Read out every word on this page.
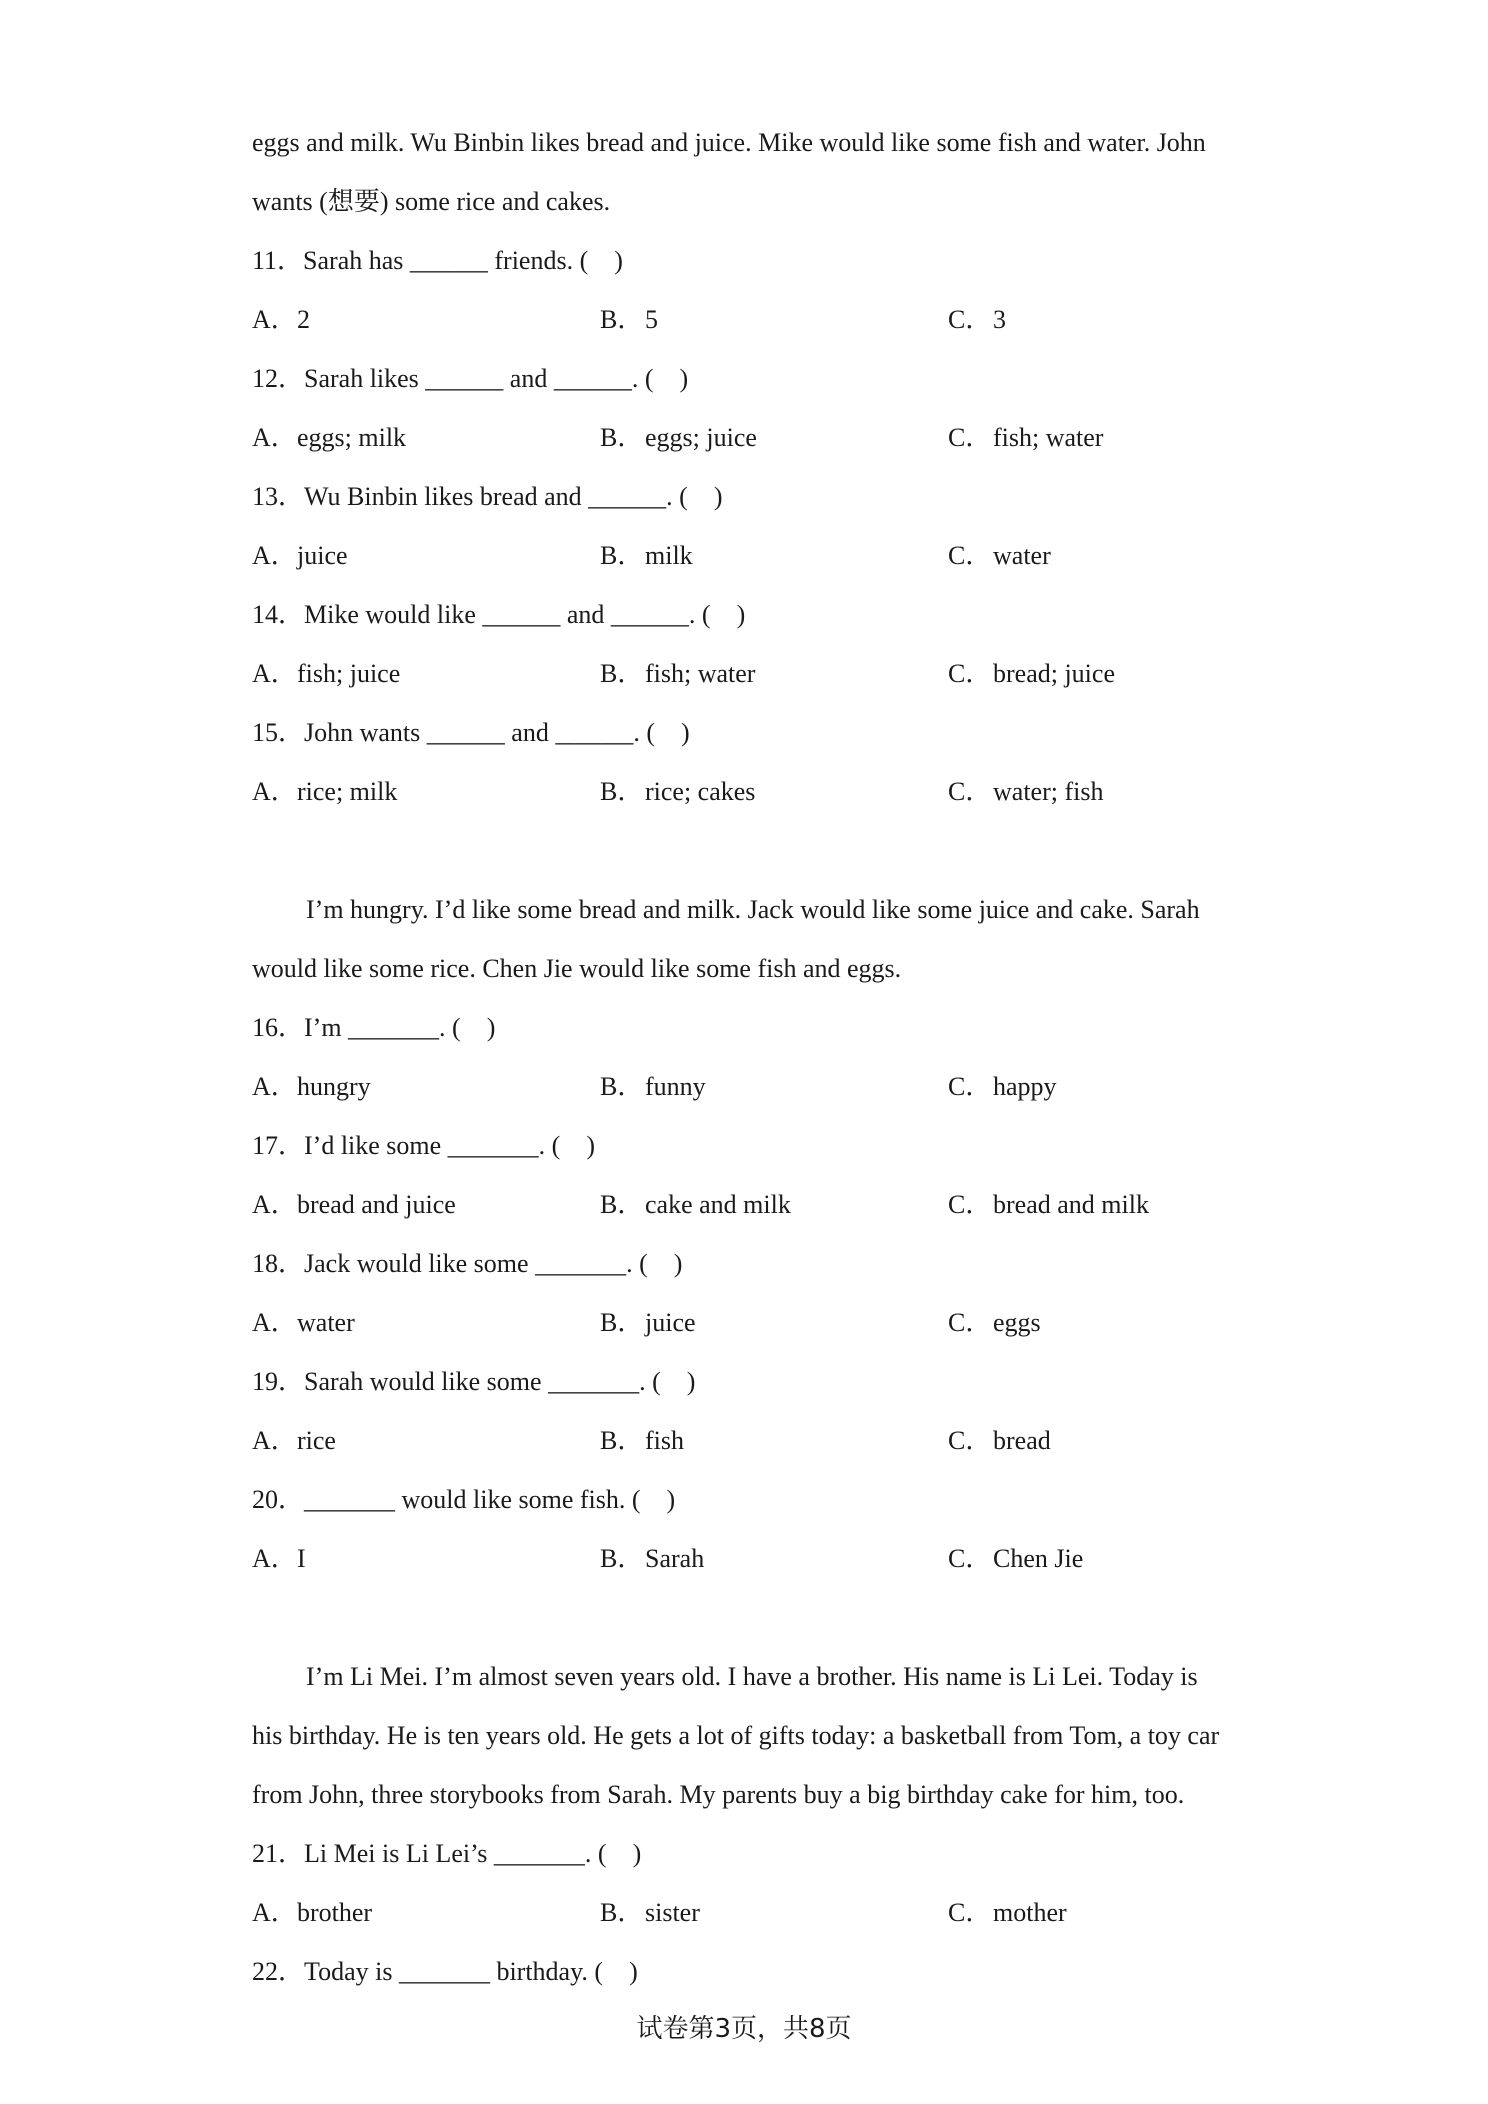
eggs and milk. Wu Binbin likes bread and juice. Mike would like some fish and water. John
wants (想要) some rice and cakes.
11．Sarah has ______ friends. (　)
A．2	B．5	C．3
12．Sarah likes ______ and ______. (　)
A．eggs; milk	B．eggs; juice	C．fish; water
13．Wu Binbin likes bread and ______. (　)
A．juice	B．milk	C．water
14．Mike would like ______ and ______. (　)
A．fish; juice	B．fish; water	C．bread; juice
15．John wants ______ and ______. (　)
A．rice; milk	B．rice; cakes	C．water; fish
I’m hungry. I’d like some bread and milk. Jack would like some juice and cake. Sarah
would like some rice. Chen Jie would like some fish and eggs.
16．I’m _______. (　)
A．hungry	B．funny	C．happy
17．I’d like some _______. (　)
A．bread and juice	B．cake and milk	C．bread and milk
18．Jack would like some _______. (　)
A．water	B．juice	C．eggs
19．Sarah would like some _______. (　)
A．rice	B．fish	C．bread
20．_______ would like some fish. (　)
A．I	B．Sarah	C．Chen Jie
I’m Li Mei. I’m almost seven years old. I have a brother. His name is Li Lei. Today is
his birthday. He is ten years old. He gets a lot of gifts today: a basketball from Tom, a toy car
from John, three storybooks from Sarah. My parents buy a big birthday cake for him, too.
21．Li Mei is Li Lei’s _______. (　)
A．brother	B．sister	C．mother
22．Today is _______ birthday. (　)
试卷第3页，共8页
